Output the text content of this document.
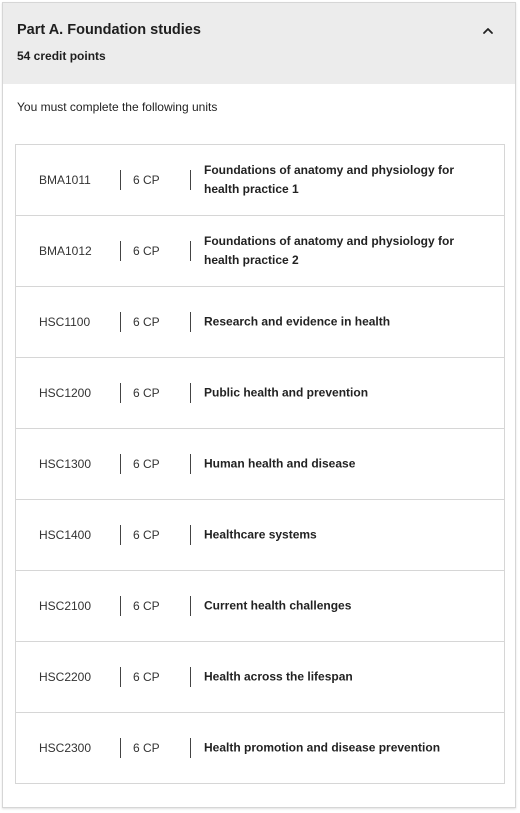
Part A. Foundation studies
54 credit points
You must complete the following units
BMA1011	6 CP
Foundations of anatomy and physiology for health practice 1
BMA1012	6 CP
Foundations of anatomy and physiology for health practice 2
HSC1100	6 CP	Research and evidence in health
HSC1200	6 CP	Public health and prevention
HSC1300	6 CP	Human health and disease
HSC1400	6 CP	Healthcare systems
HSC2100	6 CP	Current health challenges
HSC2200	6 CP	Health across the lifespan
HSC2300	6 CP	Health promotion and disease prevention
